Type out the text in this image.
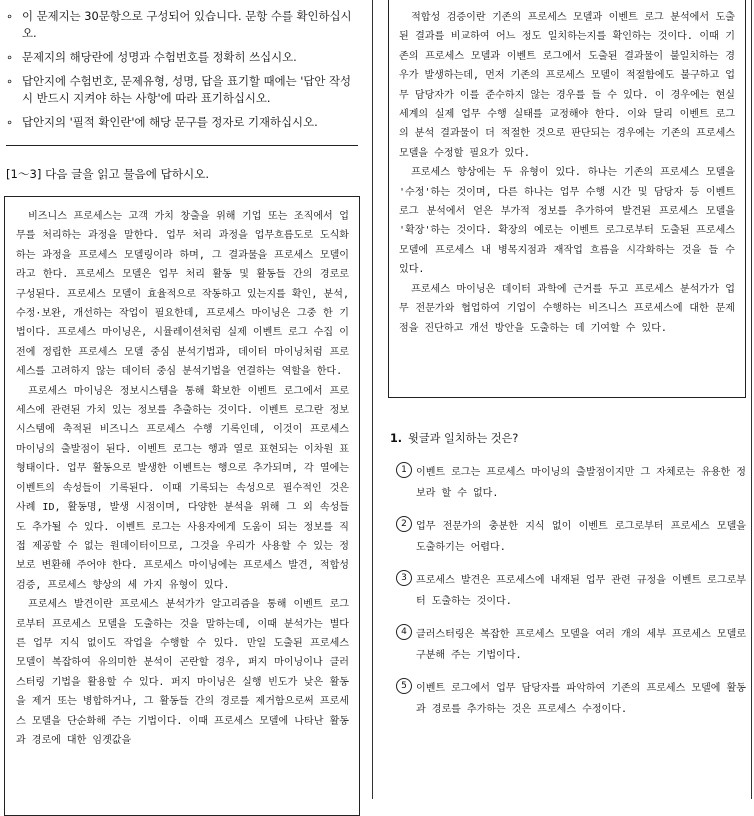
∘ 이 문제지는 30문항으로 구성되어 있습니다. 문항 수를 확인하십시오.
∘ 문제지의 해당란에 성명과 수험번호를 정확히 쓰십시오.
∘ 답안지에 수험번호, 문제유형, 성명, 답을 표기할 때에는 '답안 작성 시 반드시 지켜야 하는 사항'에 따라 표기하십시오.
∘ 답안지의 '필적 확인란'에 해당 문구를 정자로 기재하십시오.
[1～3] 다음 글을 읽고 물음에 답하시오.

비즈니스 프로세스는 고객 가치 창출을 위해 기업 또는 조직에서 업무를 처리하는 과정을 말한다. 업무 처리 과정을 업무흐름도로 도식화하는 과정을 프로세스 모델링이라 하며, 그 결과물을 프로세스 모델이라고 한다. 프로세스 모델은 업무 처리 활동 및 활동들 간의 경로로 구성된다. 프로세스 모델이 효율적으로 작동하고 있는지를 확인, 분석, 수정·보완, 개선하는 작업이 필요한데, 프로세스 마이닝은 그중 한 기법이다. 프로세스 마이닝은, 시뮬레이션처럼 실제 이벤트 로그 수집 이전에 정립한 프로세스 모델 중심 분석기법과, 데이터 마이닝처럼 프로세스를 고려하지 않는 데이터 중심 분석기법을 연결하는 역할을 한다.

프로세스 마이닝은 정보시스템을 통해 확보한 이벤트 로그에서 프로세스에 관련된 가치 있는 정보를 추출하는 것이다. 이벤트 로그란 정보시스템에 축적된 비즈니스 프로세스 수행 기록인데, 이것이 프로세스 마이닝의 출발점이 된다. 이벤트 로그는 행과 열로 표현되는 이차원 표 형태이다. 업무 활동으로 발생한 이벤트는 행으로 추가되며, 각 열에는 이벤트의 속성들이 기록된다. 이때 기록되는 속성으로 필수적인 것은 사례 ID, 활동명, 발생 시점이며, 다양한 분석을 위해 그 외 속성들도 추가될 수 있다. 이벤트 로그는 사용자에게 도움이 되는 정보를 직접 제공할 수 없는 원데이터이므로, 그것을 우리가 사용할 수 있는 정보로 변환해 주어야 한다. 프로세스 마이닝에는 프로세스 발견, 적합성 검증, 프로세스 향상의 세 가지 유형이 있다.

프로세스 발견이란 프로세스 분석가가 알고리즘을 통해 이벤트 로그로부터 프로세스 모델을 도출하는 것을 말하는데, 이때 분석가는 별다른 업무 지식 없이도 작업을 수행할 수 있다. 만일 도출된 프로세스 모델이 복잡하여 유의미한 분석이 곤란할 경우, 퍼지 마이닝이나 클러스터링 기법을 활용할 수 있다. 퍼지 마이닝은 실행 빈도가 낮은 활동을 제거 또는 병합하거나, 그 활동들 간의 경로를 제거함으로써 프로세스 모델을 단순화해 주는 기법이다. 이때 프로세스 모델에 나타난 활동과 경로에 대한 임곗값을

적합성 검증이란 기존의 프로세스 모델과 이벤트 로그 분석에서 도출된 결과를 비교하여 어느 정도 일치하는지를 확인하는 것이다. 이때 기존의 프로세스 모델과 이벤트 로그에서 도출된 결과물이 불일치하는 경우가 발생하는데, 먼저 기존의 프로세스 모델이 적절함에도 불구하고 업무 담당자가 이를 준수하지 않는 경우를 들 수 있다. 이 경우에는 현실 세계의 실제 업무 수행 실태를 교정해야 한다. 이와 달리 이벤트 로그의 분석 결과물이 더 적절한 것으로 판단되는 경우에는 기존의 프로세스 모델을 수정할 필요가 있다.

프로세스 향상에는 두 유형이 있다. 하나는 기존의 프로세스 모델을 '수정'하는 것이며, 다른 하나는 업무 수행 시간 및 담당자 등 이벤트 로그 분석에서 얻은 부가적 정보를 추가하여 발견된 프로세스 모델을 '확장'하는 것이다. 확장의 예로는 이벤트 로그로부터 도출된 프로세스 모델에 프로세스 내 병목지점과 재작업 흐름을 시각화하는 것을 들 수 있다.

프로세스 마이닝은 데이터 과학에 근거를 두고 프로세스 분석가가 업무 전문가와 협업하여 기업이 수행하는 비즈니스 프로세스에 대한 문제점을 진단하고 개선 방안을 도출하는 데 기여할 수 있다.

1. 윗글과 일치하는 것은?
1 이벤트 로그는 프로세스 마이닝의 출발점이지만 그 자체로는 유용한 정보라 할 수 없다.
2 업무 전문가의 충분한 지식 없이 이벤트 로그로부터 프로세스 모델을 도출하기는 어렵다.
3 프로세스 발견은 프로세스에 내재된 업무 관련 규정을 이벤트 로그로부터 도출하는 것이다.
4 클러스터링은 복잡한 프로세스 모델을 여러 개의 세부 프로세스 모델로 구분해 주는 기법이다.
5 이벤트 로그에서 업무 담당자를 파악하여 기존의 프로세스 모델에 활동과 경로를 추가하는 것은 프로세스 수정이다.
